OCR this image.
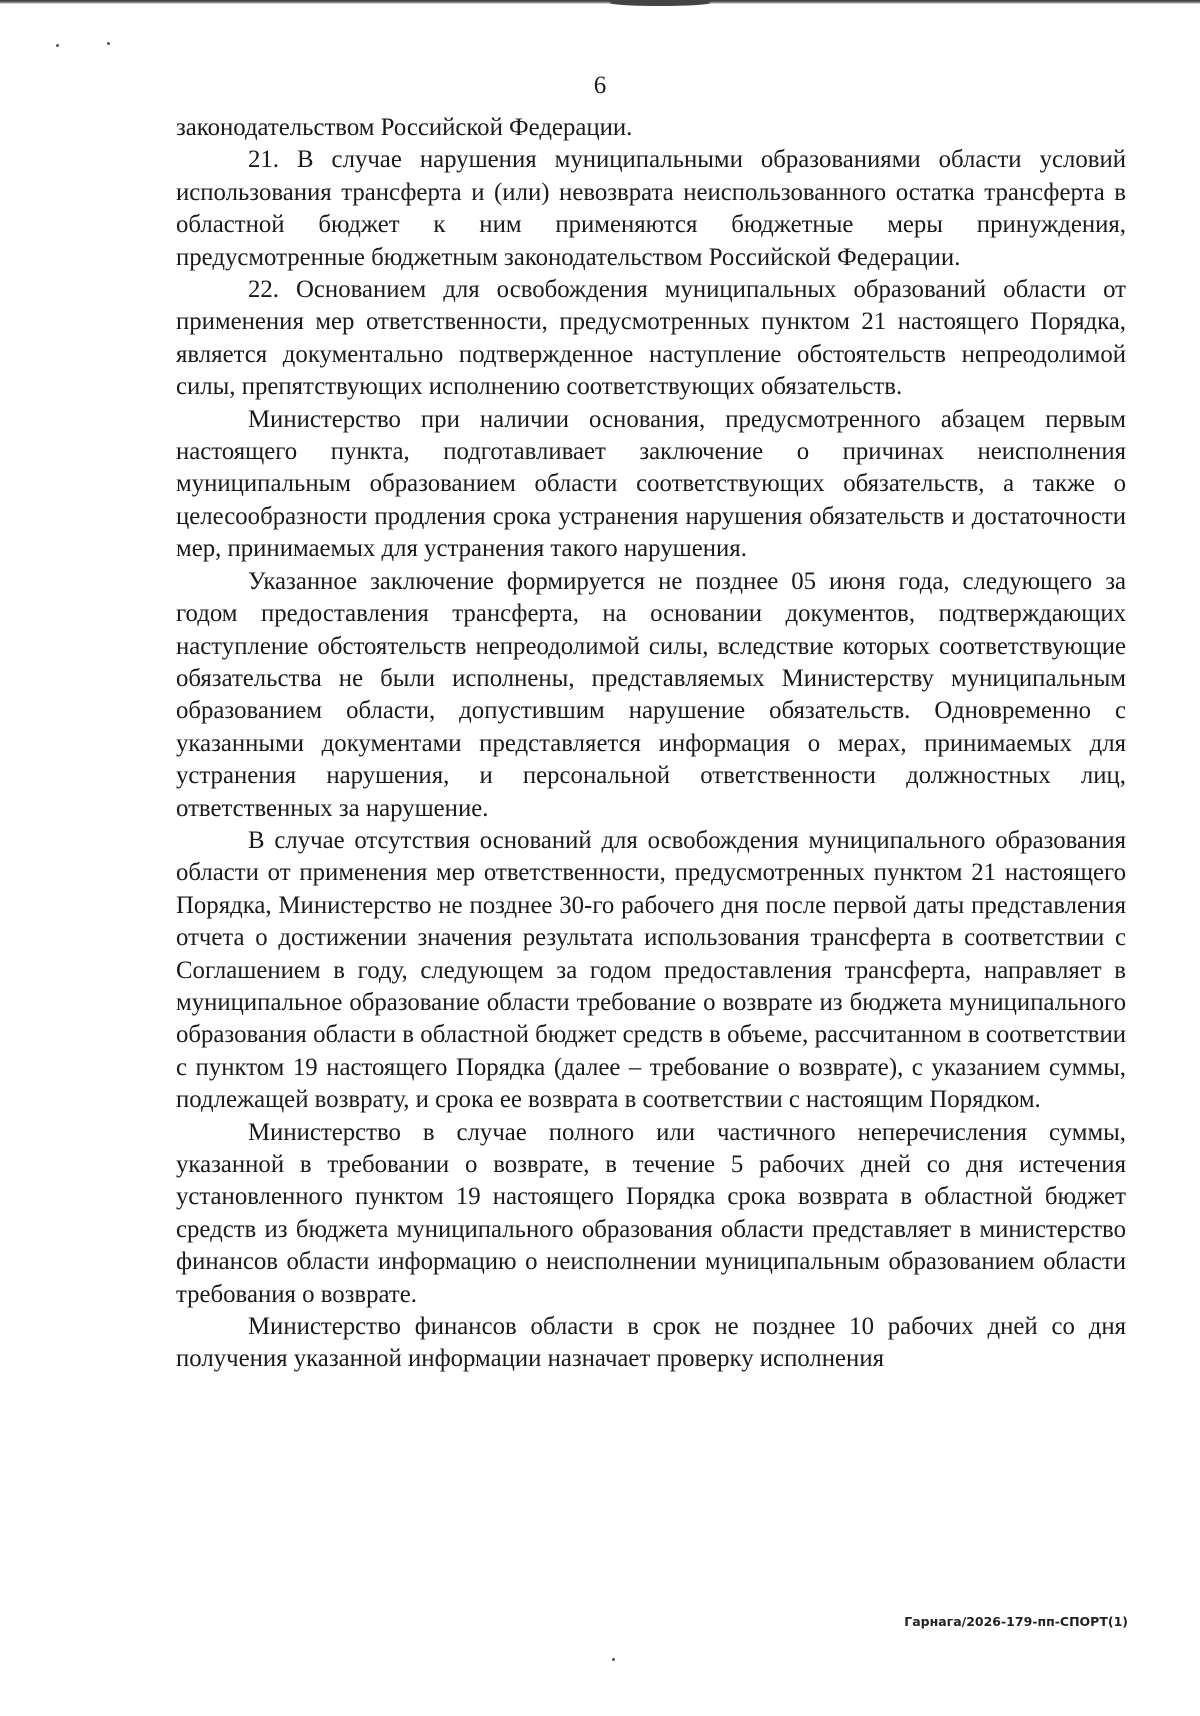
6

законодательством Российской Федерации.

21. В случае нарушения муниципальными образованиями области условий использования трансферта и (или) невозврата неиспользованного остатка трансферта в областной бюджет к ним применяются бюджетные меры принуждения, предусмотренные бюджетным законодательством Российской Федерации.

22. Основанием для освобождения муниципальных образований области от применения мер ответственности, предусмотренных пунктом 21 настоящего Порядка, является документально подтвержденное наступление обстоятельств непреодолимой силы, препятствующих исполнению соответствующих обязательств.

Министерство при наличии основания, предусмотренного абзацем первым настоящего пункта, подготавливает заключение о причинах неисполнения муниципальным образованием области соответствующих обязательств, а также о целесообразности продления срока устранения нарушения обязательств и достаточности мер, принимаемых для устранения такого нарушения.

Указанное заключение формируется не позднее 05 июня года, следующего за годом предоставления трансферта, на основании документов, подтверждающих наступление обстоятельств непреодолимой силы, вследствие которых соответствующие обязательства не были исполнены, представляемых Министерству муниципальным образованием области, допустившим нарушение обязательств. Одновременно с указанными документами представляется информация о мерах, принимаемых для устранения нарушения, и персональной ответственности должностных лиц, ответственных за нарушение.

В случае отсутствия оснований для освобождения муниципального образования области от применения мер ответственности, предусмотренных пунктом 21 настоящего Порядка, Министерство не позднее 30-го рабочего дня после первой даты представления отчета о достижении значения результата использования трансферта в соответствии с Соглашением в году, следующем за годом предоставления трансферта, направляет в муниципальное образование области требование о возврате из бюджета муниципального образования области в областной бюджет средств в объеме, рассчитанном в соответствии с пунктом 19 настоящего Порядка (далее – требование о возврате), с указанием суммы, подлежащей возврату, и срока ее возврата в соответствии с настоящим Порядком.

Министерство в случае полного или частичного неперечисления суммы, указанной в требовании о возврате, в течение 5 рабочих дней со дня истечения установленного пунктом 19 настоящего Порядка срока возврата в областной бюджет средств из бюджета муниципального образования области представляет в министерство финансов области информацию о неисполнении муниципальным образованием области требования о возврате.

Министерство финансов области в срок не позднее 10 рабочих дней со дня получения указанной информации назначает проверку исполнения

Гарнага/2026-179-пп-СПОРТ(1)
